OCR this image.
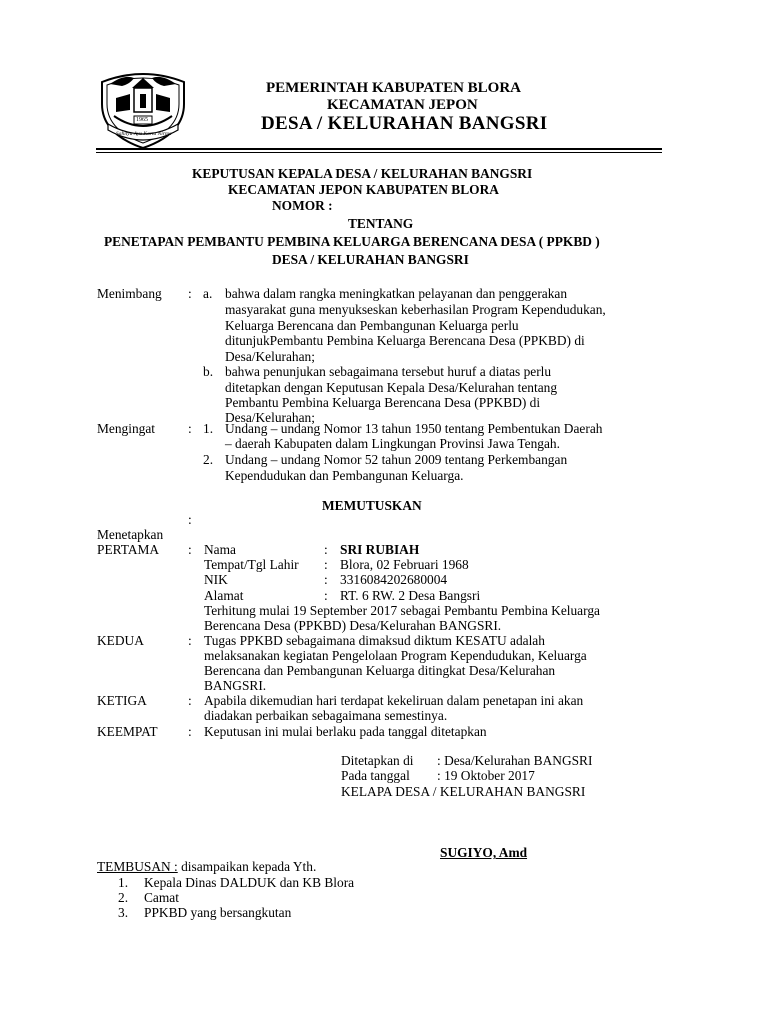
1965
Sahitya Ayu Karta Nirma
PEMERINTAH KABUPATEN BLORA
KECAMATAN JEPON
DESA / KELURAHAN BANGSRI
KEPUTUSAN KEPALA DESA / KELURAHAN BANGSRI
KECAMATAN JEPON KABUPATEN BLORA
NOMOR :
TENTANG
PENETAPAN PEMBANTU PEMBINA KELUARGA BERENCANA DESA ( PPKBD )
DESA / KELURAHAN BANGSRI
Menimbang : a. bahwa dalam rangka meningkatkan pelayanan dan penggerakan
masyarakat guna menyukseskan keberhasilan Program Kependudukan,
Keluarga Berencana dan Pembangunan Keluarga perlu
ditunjukPembantu Pembina Keluarga Berencana Desa (PPKBD) di
Desa/Kelurahan;
b. bahwa penunjukan sebagaimana tersebut huruf a diatas perlu
ditetapkan dengan Keputusan Kepala Desa/Kelurahan tentang
Pembantu Pembina Keluarga Berencana Desa (PPKBD) di
Desa/Kelurahan;
Mengingat : 1. Undang – undang Nomor 13 tahun 1950 tentang Pembentukan Daerah
– daerah Kabupaten dalam Lingkungan Provinsi Jawa Tengah.
2. Undang – undang Nomor 52 tahun 2009 tentang Perkembangan
Kependudukan dan Pembangunan Keluarga.
MEMUTUSKAN
:
Menetapkan
PERTAMA : Nama	: SRI RUBIAH
Tempat/Tgl Lahir : Blora, 02 Februari 1968
NIK	: 3316084202680004
Alamat	: RT. 6 RW. 2 Desa Bangsri
Terhitung mulai 19 September 2017 sebagai Pembantu Pembina Keluarga
Berencana Desa (PPKBD) Desa/Kelurahan BANGSRI.
KEDUA	: Tugas PPKBD sebagaimana dimaksud diktum KESATU adalah
melaksanakan kegiatan Pengelolaan Program Kependudukan, Keluarga
Berencana dan Pembangunan Keluarga ditingkat Desa/Kelurahan
BANGSRI.
KETIGA	: Apabila dikemudian hari terdapat kekeliruan dalam penetapan ini akan
diadakan perbaikan sebagaimana semestinya.
KEEMPAT : Keputusan ini mulai berlaku pada tanggal ditetapkan
Ditetapkan di : Desa/Kelurahan BANGSRI
Pada tanggal : 19 Oktober 2017
KELAPA DESA / KELURAHAN BANGSRI
SUGIYO, Amd
TEMBUSAN : disampaikan kepada Yth.
1. Kepala Dinas DALDUK dan KB Blora
2. Camat
3. PPKBD yang bersangkutan
